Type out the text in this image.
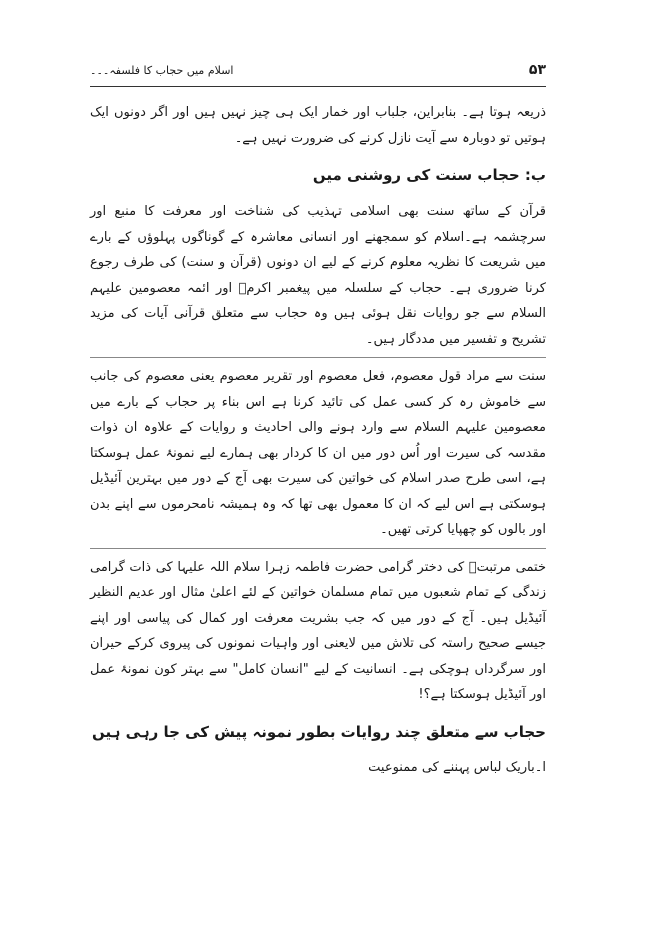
۵۳
اسلام میں حجاب کا فلسفہ۔۔۔

ذریعہ ہوتا ہے۔ بنابراین، جلباب اور خمار ایک ہی چیز نہیں ہیں اور اگر دونوں ایک ہوتیں تو دوبارہ سے آیت نازل کرنے کی ضرورت نہیں ہے۔

ب: حجاب سنت کی روشنی میں

قرآن کے ساتھ سنت بھی اسلامی تہذیب کی شناخت اور معرفت کا منبع اور سرچشمہ ہے۔اسلام کو سمجھنے اور انسانی معاشرہ کے گوناگوں پہلوؤں کے بارے میں شریعت کا نظریہ معلوم کرنے کے لیے ان دونوں (قرآن و سنت) کی طرف رجوع کرنا ضروری ہے۔ حجاب کے سلسلہ میں پیغمبر اکرمؐ اور ائمہ معصومین علیہم السلام سے جو روایات نقل ہوئی ہیں وہ حجاب سے متعلق قرآنی آیات کی مزید تشریح و تفسیر میں مددگار ہیں۔

سنت سے مراد قول معصوم، فعل معصوم اور تقریر معصوم یعنی معصوم کی جانب سے خاموش رہ کر کسی عمل کی تائید کرنا ہے اس بناء پر حجاب کے بارے میں معصومین علیہم السلام سے وارد ہونے والی احادیث و روایات کے علاوہ ان ذوات مقدسہ کی سیرت اور اُس دور میں ان کا کردار بھی ہمارے لیے نمونۂ عمل ہوسکتا ہے، اسی طرح صدر اسلام کی خواتین کی سیرت بھی آج کے دور میں بہترین آئیڈیل ہوسکتی ہے اس لیے کہ ان کا معمول بھی تھا کہ وہ ہمیشہ نامحرموں سے اپنے بدن اور بالوں کو چھپایا کرتی تھیں۔

ختمی مرتبتؐ کی دختر گرامی حضرت فاطمہ زہرا سلام اللہ علیہا کی ذات گرامی زندگی کے تمام شعبوں میں تمام مسلمان خواتین کے لئے اعلیٰ مثال اور عدیم النظیر آئیڈیل ہیں۔ آج کے دور میں کہ جب بشریت معرفت اور کمال کی پیاسی اور اپنے جیسے صحیح راستہ کی تلاش میں لایعنی اور واہیات نمونوں کی پیروی کرکے حیران اور سرگرداں ہوچکی ہے۔ انسانیت کے لیے "انسان کامل" سے بہتر کون نمونۂ عمل اور آئیڈیل ہوسکتا ہے؟!

حجاب سے متعلق چند روایات بطور نمونہ پیش کی جا رہی ہیں
ا۔باریک لباس پہننے کی ممنوعیت
